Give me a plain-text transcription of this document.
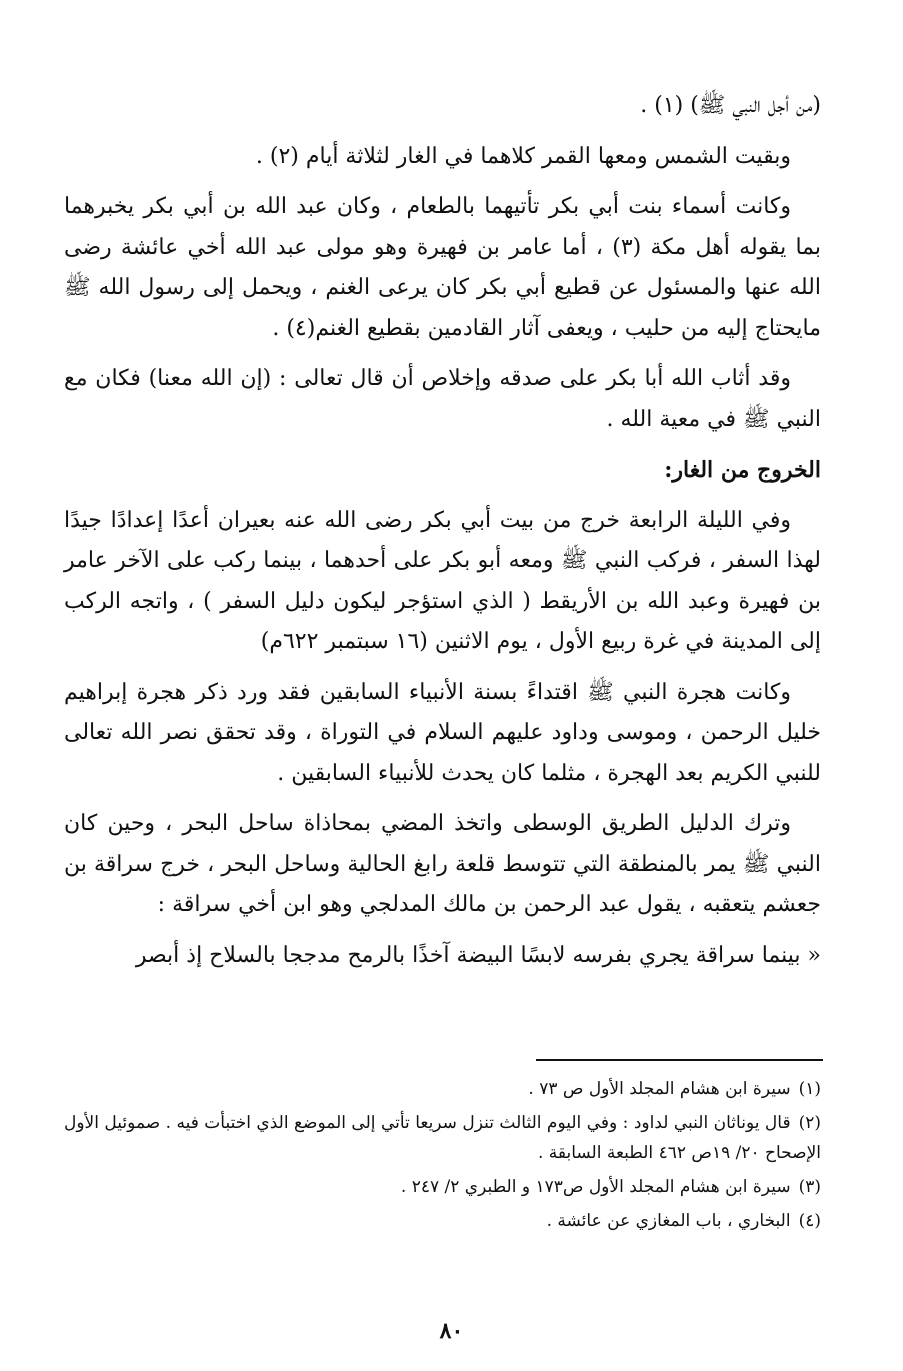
(من أجل النبي ﷺ) (١) .

وبقيت الشمس ومعها القمر كلاهما في الغار لثلاثة أيام (٢) .

وكانت أسماء بنت أبي بكر تأتيهما بالطعام ، وكان عبد الله بن أبي بكر يخبرهما بما يقوله أهل مكة (٣) ، أما عامر بن فهيرة وهو مولى عبد الله أخي عائشة رضى الله عنها والمسئول عن قطيع أبي بكر كان يرعى الغنم ، ويحمل إلى رسول الله ﷺ مايحتاج إليه من حليب ، ويعفى آثار القادمين بقطيع الغنم(٤) .

وقد أثاب الله أبا بكر على صدقه وإخلاص أن قال تعالى : (إن الله معنا) فكان مع النبي ﷺ في معية الله .

الخروج من الغار:

وفي الليلة الرابعة خرج من بيت أبي بكر رضى الله عنه بعيران أعدًا إعدادًا جيدًا لهذا السفر ، فركب النبي ﷺ ومعه أبو بكر على أحدهما ، بينما ركب على الآخر عامر بن فهيرة وعبد الله بن الأريقط ( الذي استؤجر ليكون دليل السفر ) ، واتجه الركب إلى المدينة في غرة ربيع الأول ، يوم الاثنين (١٦ سبتمبر ٦٢٢م)

وكانت هجرة النبي ﷺ اقتداءً بسنة الأنبياء السابقين فقد ورد ذكر هجرة إبراهيم خليل الرحمن ، وموسى وداود عليهم السلام في التوراة ، وقد تحقق نصر الله تعالى للنبي الكريم بعد الهجرة ، مثلما كان يحدث للأنبياء السابقين .

وترك الدليل الطريق الوسطى واتخذ المضي بمحاذاة ساحل البحر ، وحين كان النبي ﷺ يمر بالمنطقة التي تتوسط قلعة رابغ الحالية وساحل البحر ، خرج سراقة بن جعشم يتعقبه ، يقول عبد الرحمن بن مالك المدلجي وهو ابن أخي سراقة :

« بينما سراقة يجري بفرسه لابسًا البيضة آخذًا بالرمح مدججا بالسلاح إذ أبصر

(١)سيرة ابن هشام المجلد الأول ص ٧٣ .
(٢)قال يوناثان النبي لداود : وفي اليوم الثالث تنزل سريعا تأتي إلى الموضع الذي اختبأت فيه . صموئيل الأول الإصحاح ٢٠/ ١٩ص ٤٦٢ الطبعة السابقة .
(٣)سيرة ابن هشام المجلد الأول ص١٧٣ و الطبري ٢/ ٢٤٧ .
(٤)البخاري ، باب المغازي عن عائشة .
٨٠
